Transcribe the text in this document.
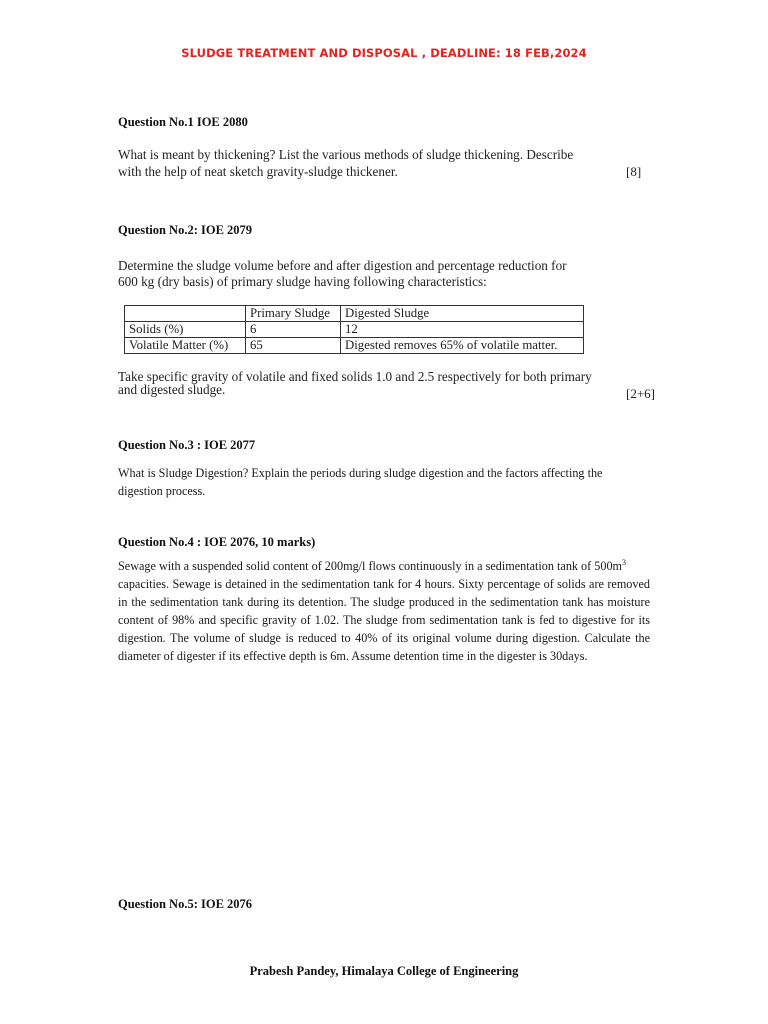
SLUDGE TREATMENT AND DISPOSAL , DEADLINE: 18 FEB,2024
Question No.1 IOE 2080
What is meant by thickening? List the various methods of sludge thickening. Describe
with the help of neat sketch gravity-sludge thickener.	[8]
Question No.2: IOE 2079
Determine the sludge volume before and after digestion and percentage reduction for
600 kg (dry basis) of primary sludge having following characteristics:
	Primary Sludge	Digested Sludge
Solids (%)	6	12
Volatile Matter (%)	65	Digested removes 65% of volatile matter.
Take specific gravity of volatile and fixed solids 1.0 and 2.5 respectively for both primary
and digested sludge.	[2+6]
Question No.3 : IOE 2077
What is Sludge Digestion? Explain the periods during sludge digestion and the factors affecting the digestion process.
Question No.4 : IOE 2076, 10 marks)
Sewage with a suspended solid content of 200mg/l flows continuously in a sedimentation tank of $500m^3$
capacities. Sewage is detained in the sedimentation tank for 4 hours. Sixty percentage of solids are removed in the sedimentation tank during its detention. The sludge produced in the sedimentation tank has moisture content of 98% and specific gravity of 1.02. The sludge from sedimentation tank is fed to digestive for its digestion. The volume of sludge is reduced to 40% of its original volume during digestion. Calculate the diameter of digester if its effective depth is 6m. Assume detention time in the digester is 30days.
Question No.5: IOE 2076
Prabesh Pandey, Himalaya College of Engineering
